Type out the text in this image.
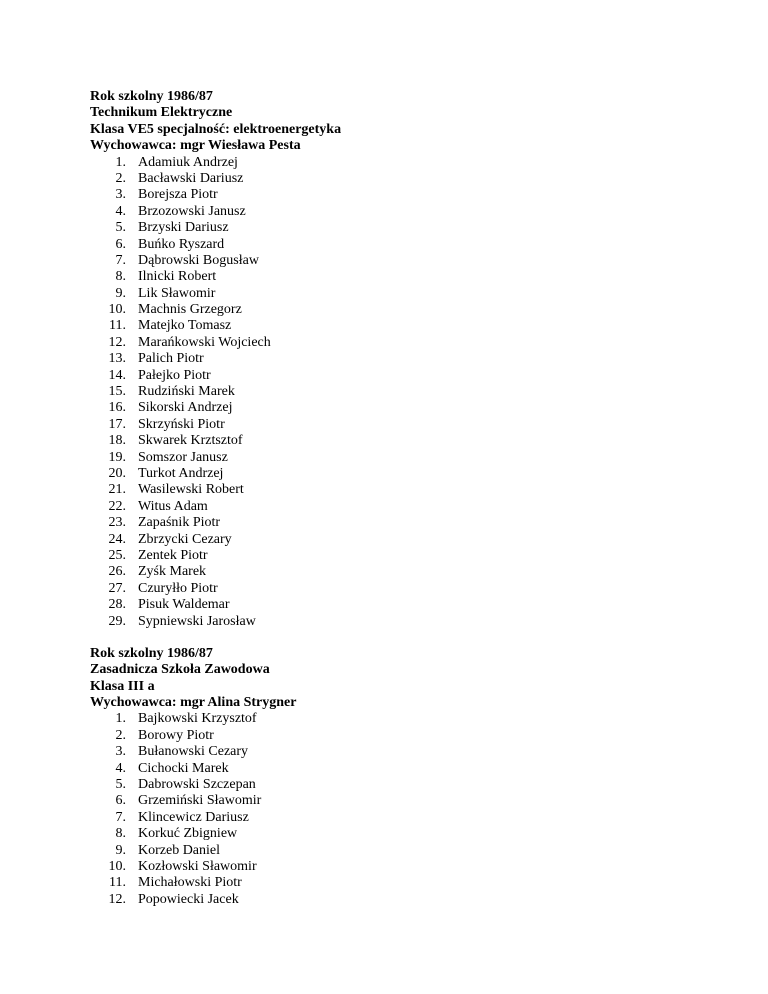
Rok szkolny 1986/87
Technikum Elektryczne
Klasa VE5 specjalność: elektroenergetyka
Wychowawca: mgr Wiesława Pesta
1. Adamiuk Andrzej
2. Bacławski Dariusz
3. Borejsza Piotr
4. Brzozowski Janusz
5. Brzyski Dariusz
6. Buńko Ryszard
7. Dąbrowski Bogusław
8. Ilnicki Robert
9. Lik Sławomir
10. Machnis Grzegorz
11. Matejko Tomasz
12. Marańkowski Wojciech
13. Palich Piotr
14. Pałejko Piotr
15. Rudziński Marek
16. Sikorski Andrzej
17. Skrzyński Piotr
18. Skwarek Krztsztof
19. Somszor Janusz
20. Turkot Andrzej
21. Wasilewski Robert
22. Witus Adam
23. Zapaśnik Piotr
24. Zbrzycki Cezary
25. Zentek Piotr
26. Zyśk Marek
27. Czuryłło Piotr
28. Pisuk Waldemar
29. Sypniewski Jarosław
Rok szkolny 1986/87
Zasadnicza Szkoła Zawodowa
Klasa III a
Wychowawca: mgr Alina Strygner
1. Bajkowski Krzysztof
2. Borowy Piotr
3. Bułanowski Cezary
4. Cichocki Marek
5. Dabrowski Szczepan
6. Grzemiński Sławomir
7. Klincewicz Dariusz
8. Korkuć Zbigniew
9. Korzeb Daniel
10. Kozłowski Sławomir
11. Michałowski Piotr
12. Popowiecki Jacek
